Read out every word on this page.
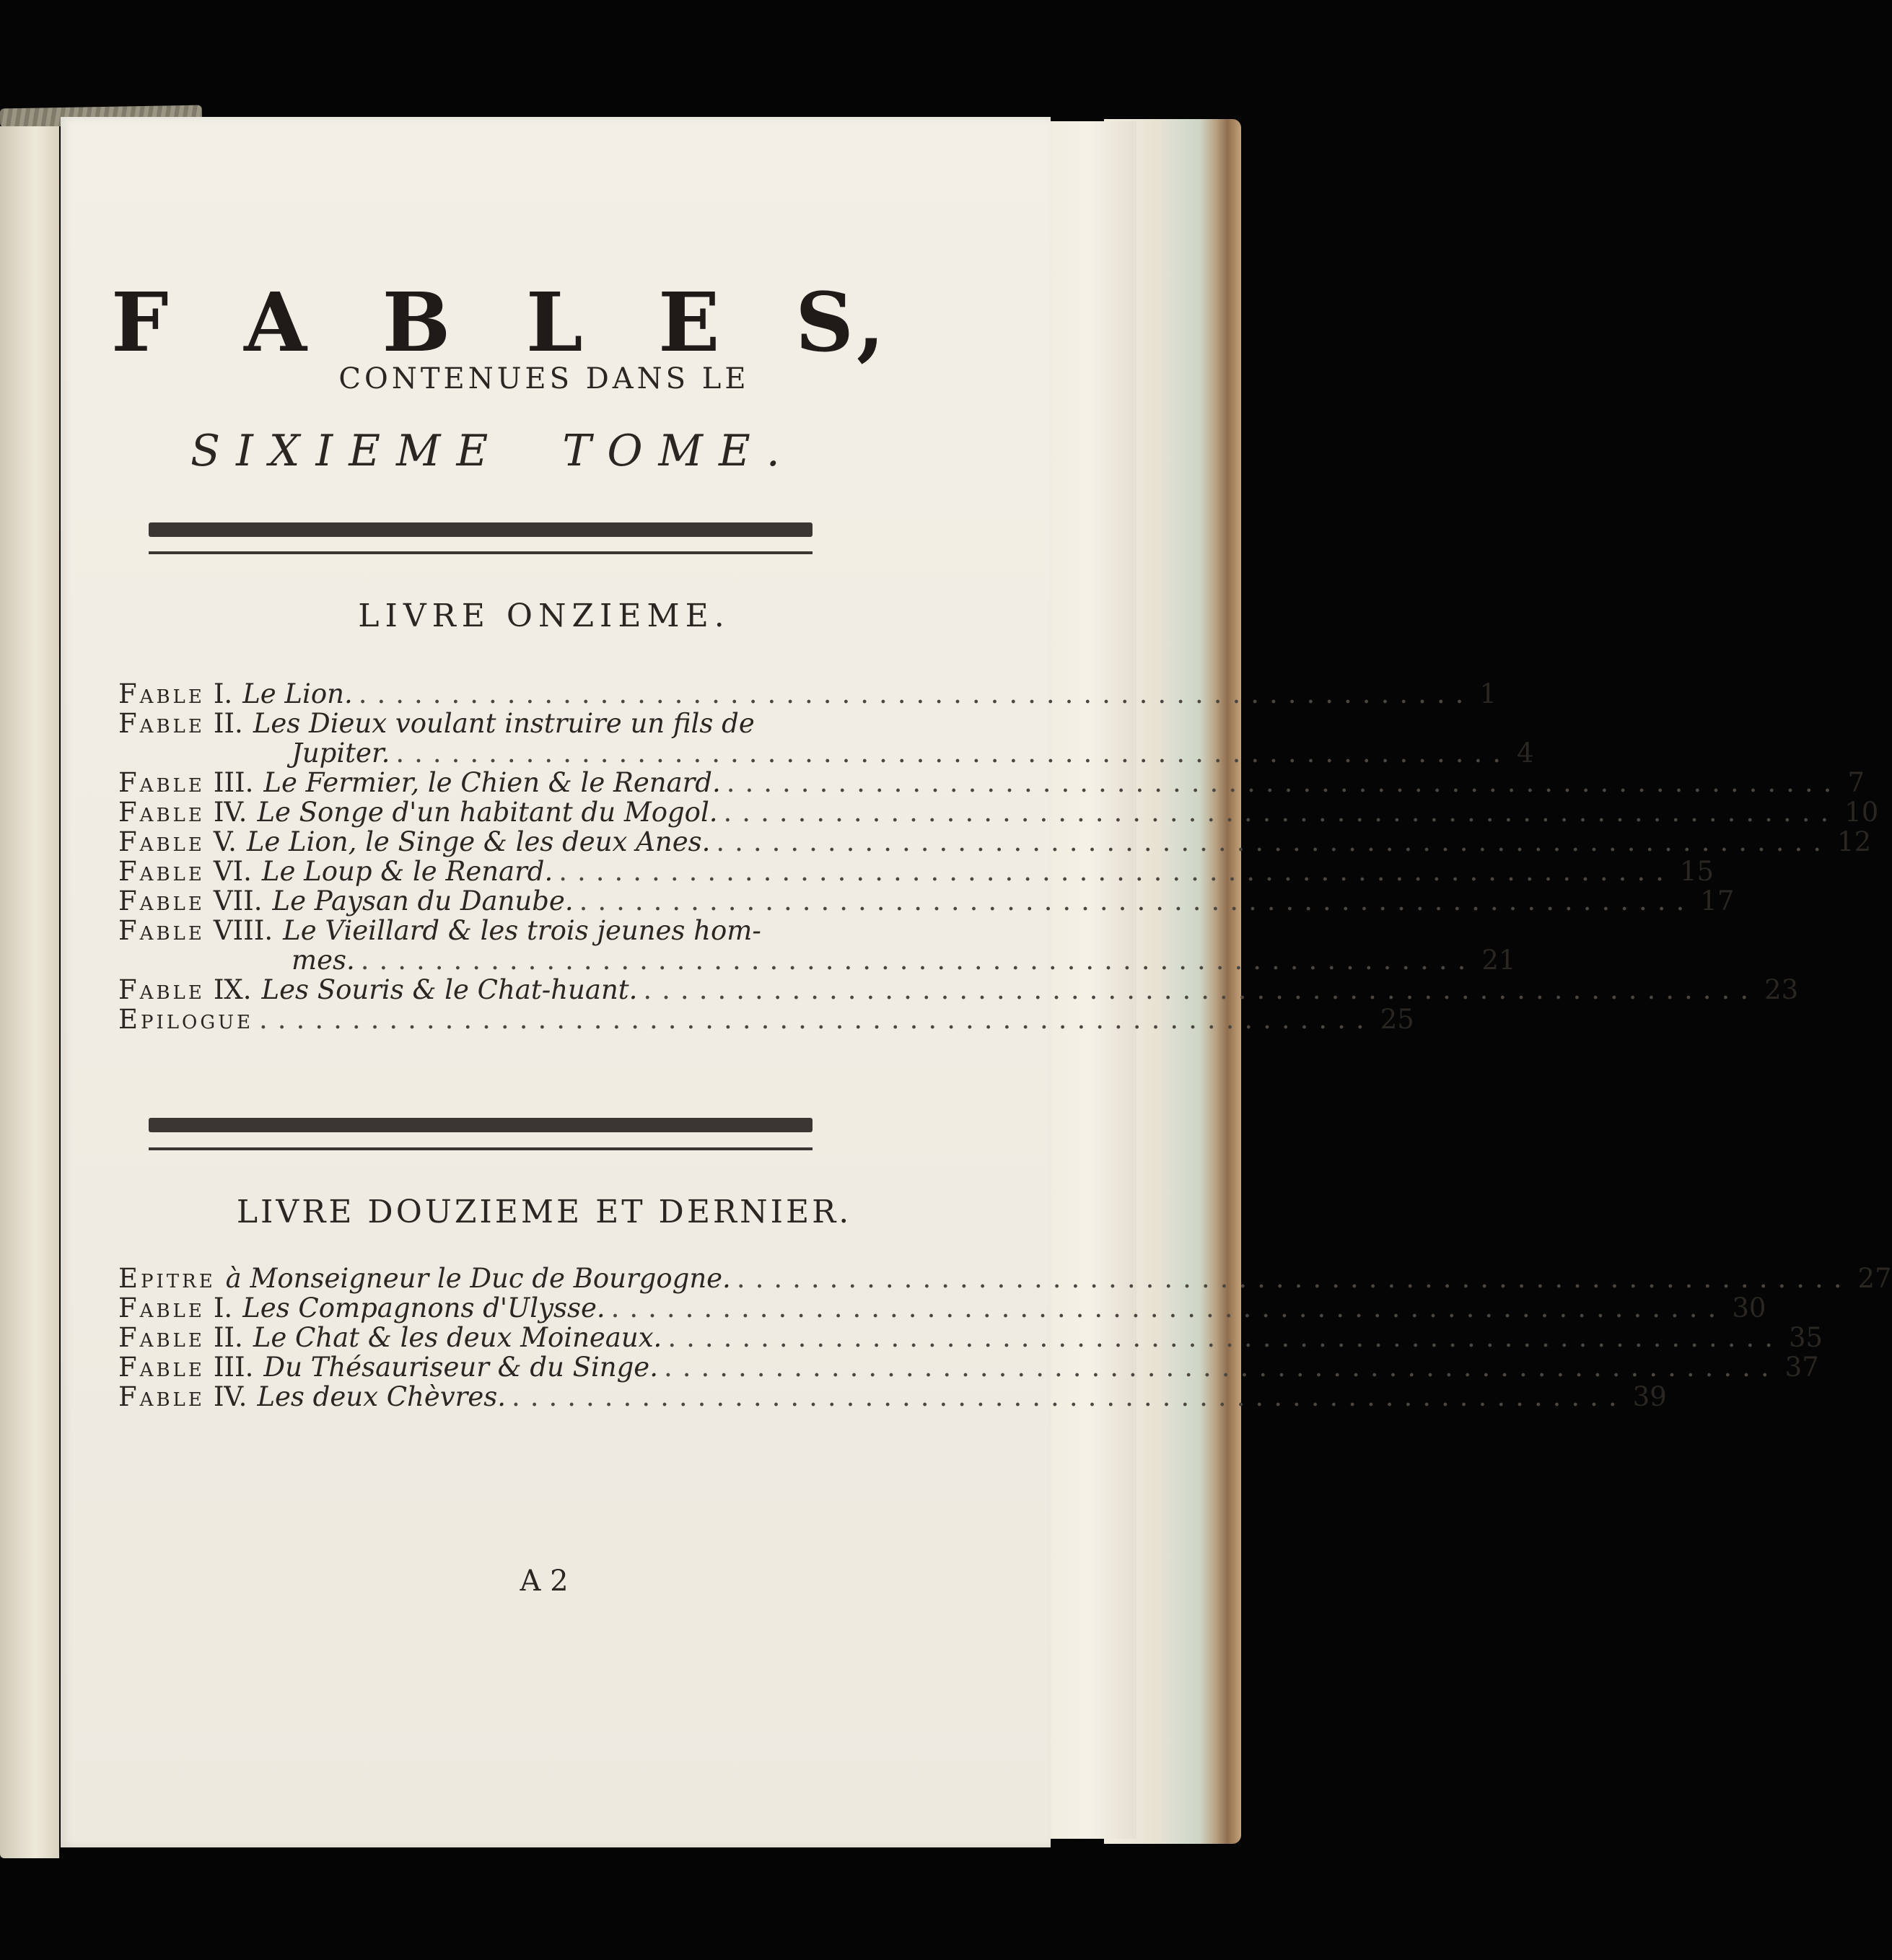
F A B L E S,
CONTENUES DANS LE
SIXIEME TOME.
LIVRE ONZIEME.
Fable I. Le Lion. ............................................................ 1
Fable II. Les Dieux voulant instruire un fils de
Jupiter. ............................................................ 4
Fable III. Le Fermier, le Chien & le Renard. ............................................................ 7
Fable IV. Le Songe d'un habitant du Mogol. ............................................................ 10
Fable V. Le Lion, le Singe & les deux Anes. ............................................................ 12
Fable VI. Le Loup & le Renard. ............................................................ 15
Fable VII. Le Paysan du Danube. ............................................................ 17
Fable VIII. Le Vieillard & les trois jeunes hom-
mes. ............................................................ 21
Fable IX. Les Souris & le Chat-huant. ............................................................ 23
Epilogue ............................................................ 25
LIVRE DOUZIEME ET DERNIER.
Epitre à Monseigneur le Duc de Bourgogne. ............................................................ 27
Fable I. Les Compagnons d'Ulysse. ............................................................ 30
Fable II. Le Chat & les deux Moineaux. ............................................................ 35
Fable III. Du Thésauriseur & du Singe. ............................................................ 37
Fable IV. Les deux Chèvres. ............................................................ 39
A 2
